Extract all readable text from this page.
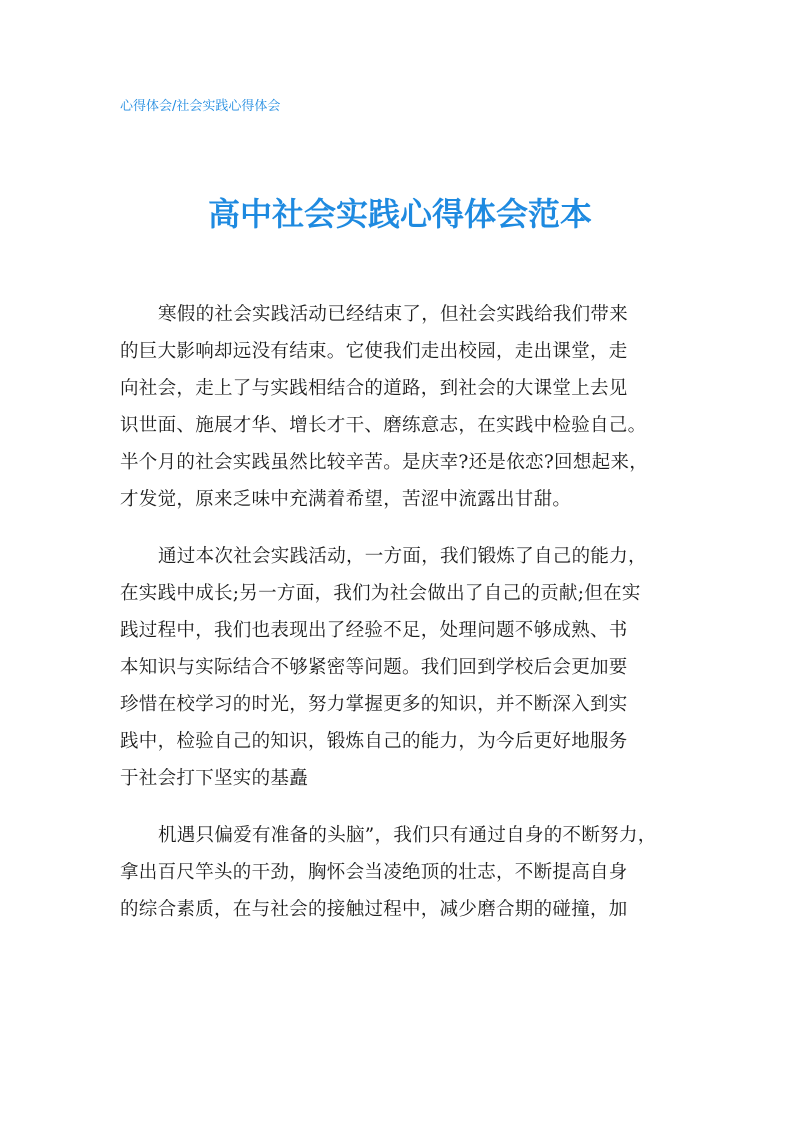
心得体会/社会实践心得体会
高中社会实践心得体会范本
寒假的社会实践活动已经结束了，但社会实践给我们带来
的巨大影响却远没有结束。它使我们走出校园，走出课堂，走
向社会，走上了与实践相结合的道路，到社会的大课堂上去见
识世面、施展才华、增长才干、磨练意志，在实践中检验自己。
半个月的社会实践虽然比较辛苦。是庆幸?还是依恋?回想起来，
才发觉，原来乏味中充满着希望，苦涩中流露出甘甜。
通过本次社会实践活动，一方面，我们锻炼了自己的能力，
在实践中成长;另一方面，我们为社会做出了自己的贡献;但在实
践过程中，我们也表现出了经验不足，处理问题不够成熟、书
本知识与实际结合不够紧密等问题。我们回到学校后会更加要
珍惜在校学习的时光，努力掌握更多的知识，并不断深入到实
践中，检验自己的知识，锻炼自己的能力，为今后更好地服务
于社会打下坚实的基矗
机遇只偏爱有准备的头脑”，我们只有通过自身的不断努力，
拿出百尺竿头的干劲，胸怀会当凌绝顶的壮志，不断提高自身
的综合素质，在与社会的接触过程中，减少磨合期的碰撞，加
